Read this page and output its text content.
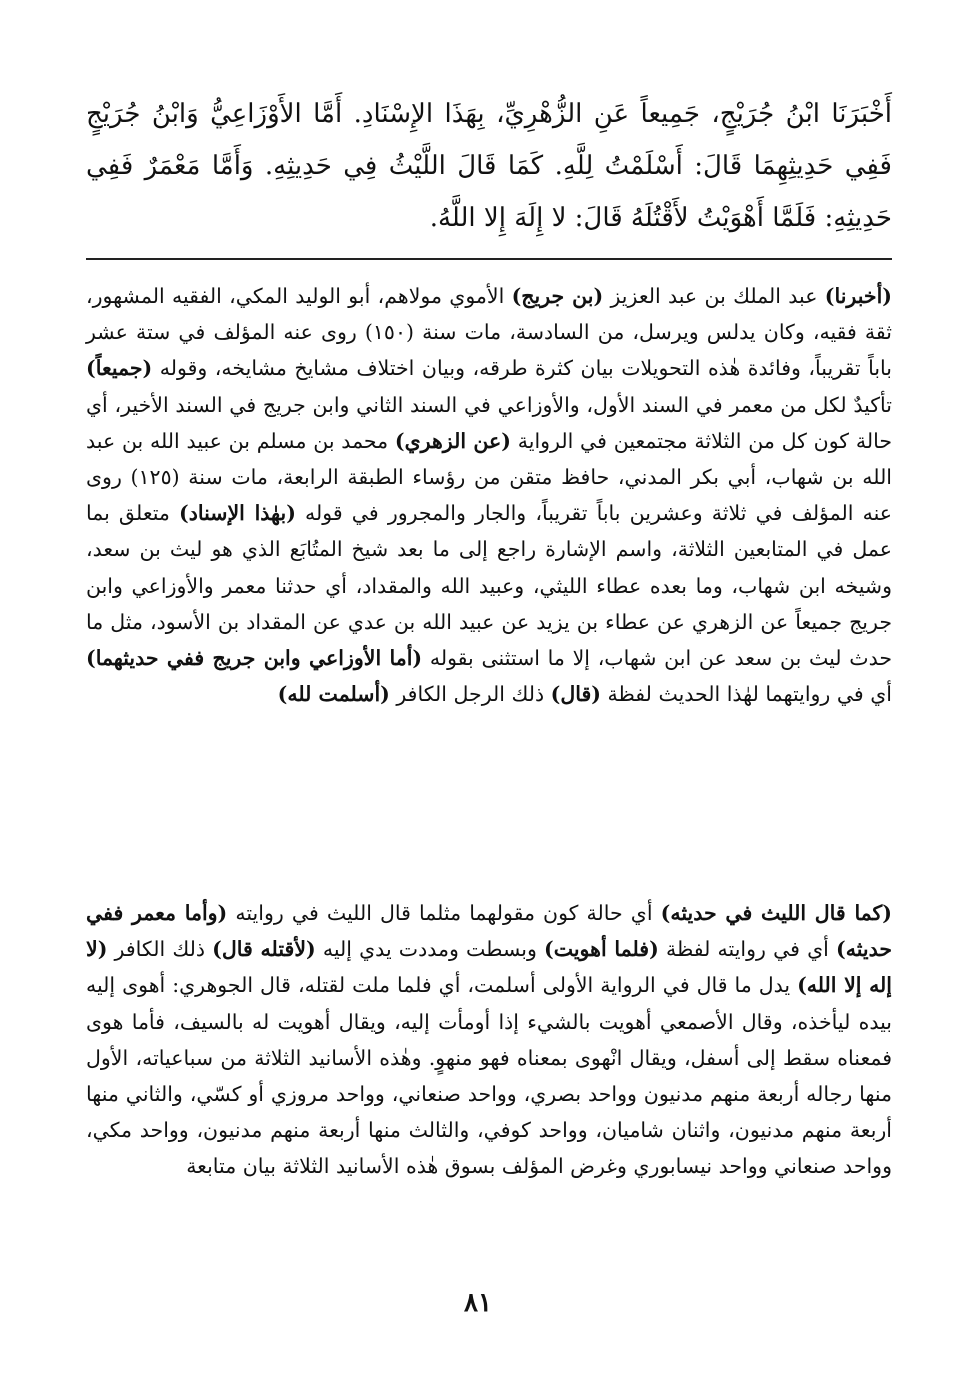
أَخْبَرَنَا ابْنُ جُرَيْجٍ، جَمِيعاً عَنِ الزُّهْرِيِّ، بِهَذَا الإِسْنَادِ. أَمَّا الأَوْزَاعِيُّ وَابْنُ جُرَيْجٍ فَفِي حَدِيثِهِمَا قَالَ: أَسْلَمْتُ لِلَّهِ. كَمَا قَالَ اللَّيْثُ فِي حَدِيثِهِ. وَأَمَّا مَعْمَرٌ فَفِي حَدِيثِهِ: فَلَمَّا أَهْوَيْتُ لأَقْتُلَهُ قَالَ: لا إِلَهَ إِلا اللَّهُ.

(أخبرنا) عبد الملك بن عبد العزيز (بن جريج) الأموي مولاهم، أبو الوليد المكي، الفقيه المشهور، ثقة فقيه، وكان يدلس ويرسل، من السادسة، مات سنة (١٥٠) روى عنه المؤلف في ستة عشر باباً تقريباً، وفائدة هٰذه التحويلات بيان كثرة طرقه، وبيان اختلاف مشايخ مشايخه، وقوله (جميعاً) تأكيدٌ لكل من معمر في السند الأول، والأوزاعي في السند الثاني وابن جريج في السند الأخير، أي حالة كون كل من الثلاثة مجتمعين في الرواية (عن الزهري) محمد بن مسلم بن عبيد الله بن عبد الله بن شهاب، أبي بكر المدني، حافظ متقن من رؤساء الطبقة الرابعة، مات سنة (١٢٥) روى عنه المؤلف في ثلاثة وعشرين باباً تقريباً، والجار والمجرور في قوله (بهٰذا الإسناد) متعلق بما عمل في المتابعين الثلاثة، واسم الإشارة راجع إلى ما بعد شيخ المتُابَع الذي هو ليث بن سعد، وشيخه ابن شهاب، وما بعده عطاء الليثي، وعبيد الله والمقداد، أي حدثنا معمر والأوزاعي وابن جريج جميعاً عن الزهري عن عطاء بن يزيد عن عبيد الله بن عدي عن المقداد بن الأسود، مثل ما حدث ليث بن سعد عن ابن شهاب، إلا ما استثنى بقوله (أما الأوزاعي وابن جريج ففي حديثهما) أي في روايتهما لهٰذا الحديث لفظة (قال) ذلك الرجل الكافر (أسلمت لله)

(كما قال الليث في حديثه) أي حالة كون مقولهما مثلما قال الليث في روايته (وأما معمر ففي حديثه) أي في روايته لفظة (فلما أهويت) وبسطت ومددت يدي إليه (لأقتله قال) ذلك الكافر (لا إله إلا الله) يدل ما قال في الرواية الأولى أسلمت، أي فلما ملت لقتله، قال الجوهري: أهوى إليه بيده ليأخذه، وقال الأصمعي أهويت بالشيء إذا أومأت إليه، ويقال أهويت له بالسيف، فأما هوى فمعناه سقط إلى أسفل، ويقال انْهوى بمعناه فهو منهوٍ. وهٰذه الأسانيد الثلاثة من سباعياته، الأول منها رجاله أربعة منهم مدنيون وواحد بصري، وواحد صنعاني، وواحد مروزي أو كسّي، والثاني منها أربعة منهم مدنيون، واثنان شاميان، وواحد كوفي، والثالث منها أربعة منهم مدنيون، وواحد مكي، وواحد صنعاني وواحد نيسابوري وغرض المؤلف بسوق هٰذه الأسانيد الثلاثة بيان متابعة

٨١
